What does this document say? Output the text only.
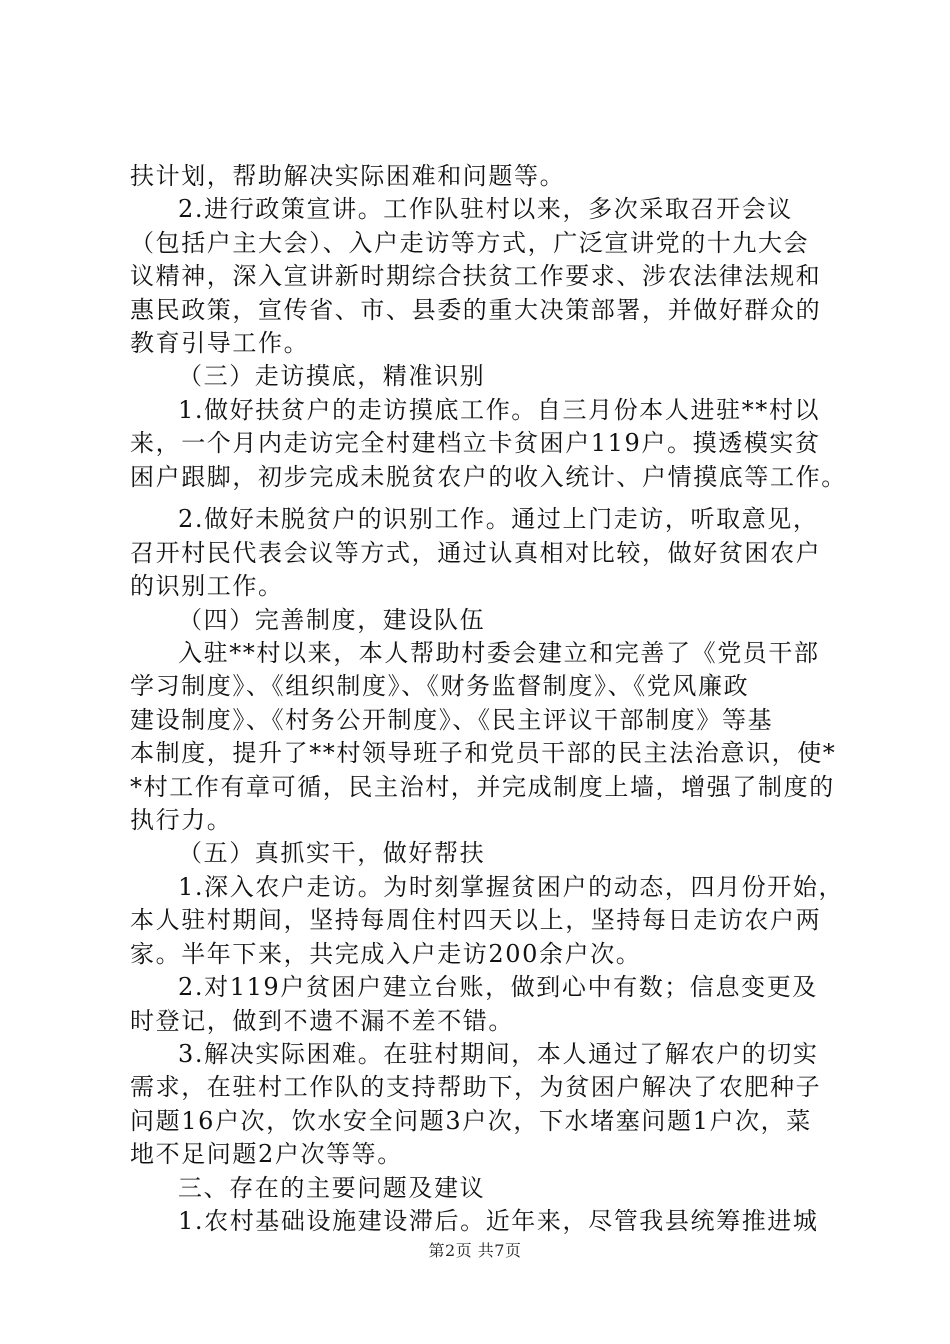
扶计划，帮助解决实际困难和问题等。
2.进行政策宣讲。工作队驻村以来，多次采取召开会议
（包括户主大会）、入户走访等方式，广泛宣讲党的十九大会
议精神，深入宣讲新时期综合扶贫工作要求、涉农法律法规和
惠民政策，宣传省、市、县委的重大决策部署，并做好群众的
教育引导工作。
（三）走访摸底，精准识别
1.做好扶贫户的走访摸底工作。自三月份本人进驻**村以
来，一个月内走访完全村建档立卡贫困户119户。摸透模实贫
困户跟脚，初步完成未脱贫农户的收入统计、户情摸底等工作。
2.做好未脱贫户的识别工作。通过上门走访，听取意见，
召开村民代表会议等方式，通过认真相对比较，做好贫困农户
的识别工作。
（四）完善制度，建设队伍
入驻**村以来，本人帮助村委会建立和完善了《党员干部
学习制度》、《组织制度》、《财务监督制度》、《党风廉政
建设制度》、《村务公开制度》、《民主评议干部制度》等基
本制度，提升了**村领导班子和党员干部的民主法治意识，使*
*村工作有章可循，民主治村，并完成制度上墙，增强了制度的
执行力。
（五）真抓实干，做好帮扶
1.深入农户走访。为时刻掌握贫困户的动态，四月份开始，
本人驻村期间，坚持每周住村四天以上，坚持每日走访农户两
家。半年下来，共完成入户走访200余户次。
2.对119户贫困户建立台账，做到心中有数；信息变更及
时登记，做到不遗不漏不差不错。
3.解决实际困难。在驻村期间，本人通过了解农户的切实
需求，在驻村工作队的支持帮助下，为贫困户解决了农肥种子
问题16户次，饮水安全问题3户次，下水堵塞问题1户次，菜
地不足问题2户次等等。
三、存在的主要问题及建议
1.农村基础设施建设滞后。近年来，尽管我县统筹推进城
第2页 共7页
